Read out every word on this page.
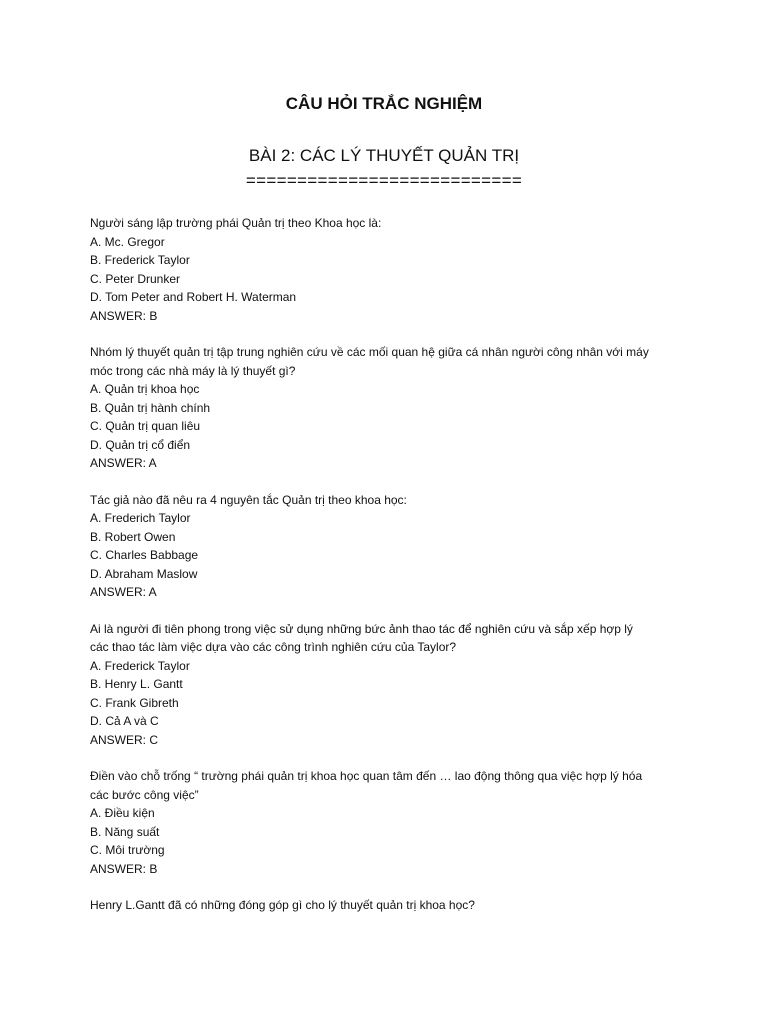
CÂU HỎI TRẮC NGHIỆM
BÀI 2: CÁC LÝ THUYẾT QUẢN TRỊ
===========================
Người sáng lập trường phái Quản trị theo Khoa học là:
A. Mc. Gregor
B. Frederick Taylor
C. Peter Drunker
D. Tom Peter and Robert H. Waterman
ANSWER: B
Nhóm lý thuyết quản trị tập trung nghiên cứu về các mối quan hệ giữa cá nhân người công nhân với máy
móc trong các nhà máy là lý thuyết gì?
A. Quản trị khoa học
B. Quản trị hành chính
C. Quản trị quan liêu
D. Quản trị cổ điển
ANSWER: A
Tác giả nào đã nêu ra 4 nguyên tắc Quản trị theo khoa học:
A. Frederich Taylor
B. Robert Owen
C. Charles Babbage
D. Abraham Maslow
ANSWER: A
Ai là người đi tiên phong trong việc sử dụng những bức ảnh thao tác để nghiên cứu và sắp xếp hợp lý
các thao tác làm việc dựa vào các công trình nghiên cứu của Taylor?
A. Frederick Taylor
B. Henry L. Gantt
C. Frank Gibreth
D. Cả A và C
ANSWER: C
Điền vào chỗ trống “ trường phái quản trị khoa học quan tâm đến … lao động thông qua việc hợp lý hóa
các bước công việc”
A. Điều kiện
B. Năng suất
C. Môi trường
ANSWER: B
Henry L.Gantt đã có những đóng góp gì cho lý thuyết quản trị khoa học?
